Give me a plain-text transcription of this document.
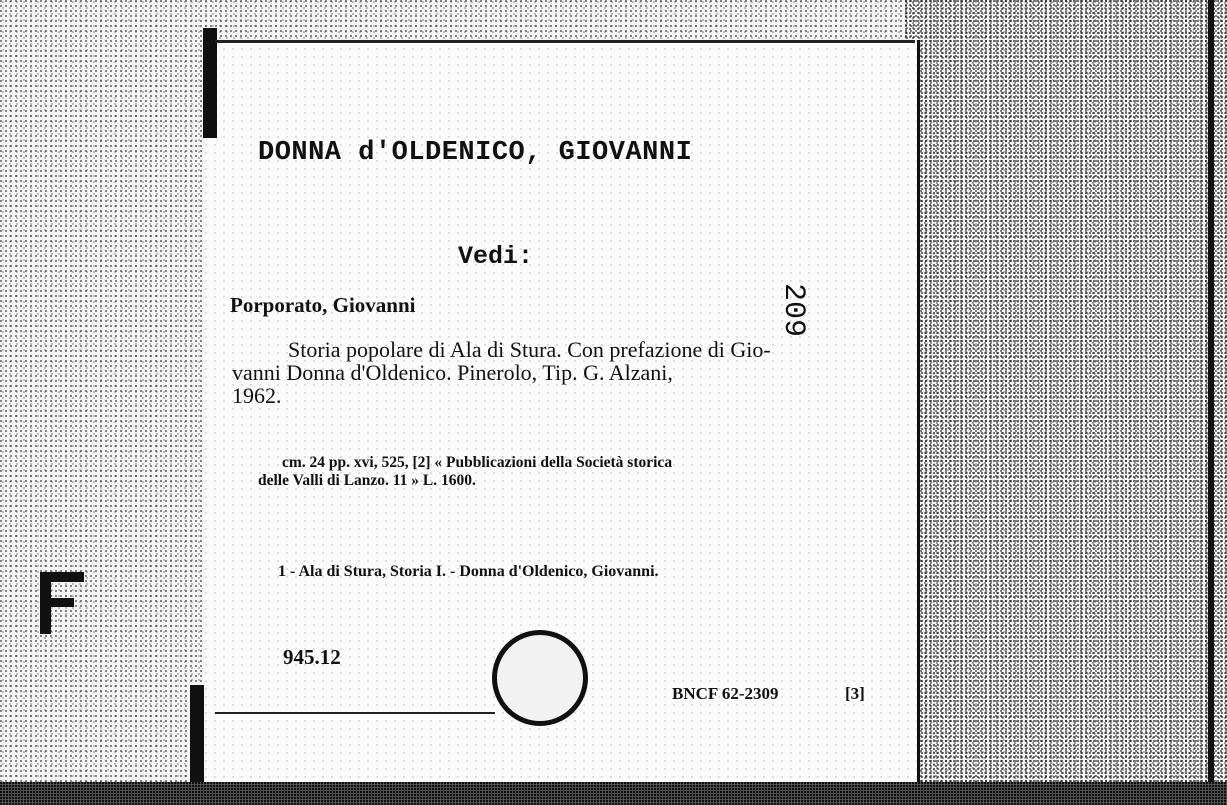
DONNA d'OLDENICO, GIOVANNI
Vedi:
Porporato, Giovanni
Storia popolare di Ala di Stura. Con prefazione di Gio-
vanni Donna d'Oldenico. Pinerolo, Tip. G. Alzani,
1962.
cm. 24 pp. xvi, 525, [2] « Pubblicazioni della Società storica
delle Valli di Lanzo. 11 » L. 1600.
1 - Ala di Stura, Storia I. - Donna d'Oldenico, Giovanni.
945.12
BNCF 62-2309	[3]
209
